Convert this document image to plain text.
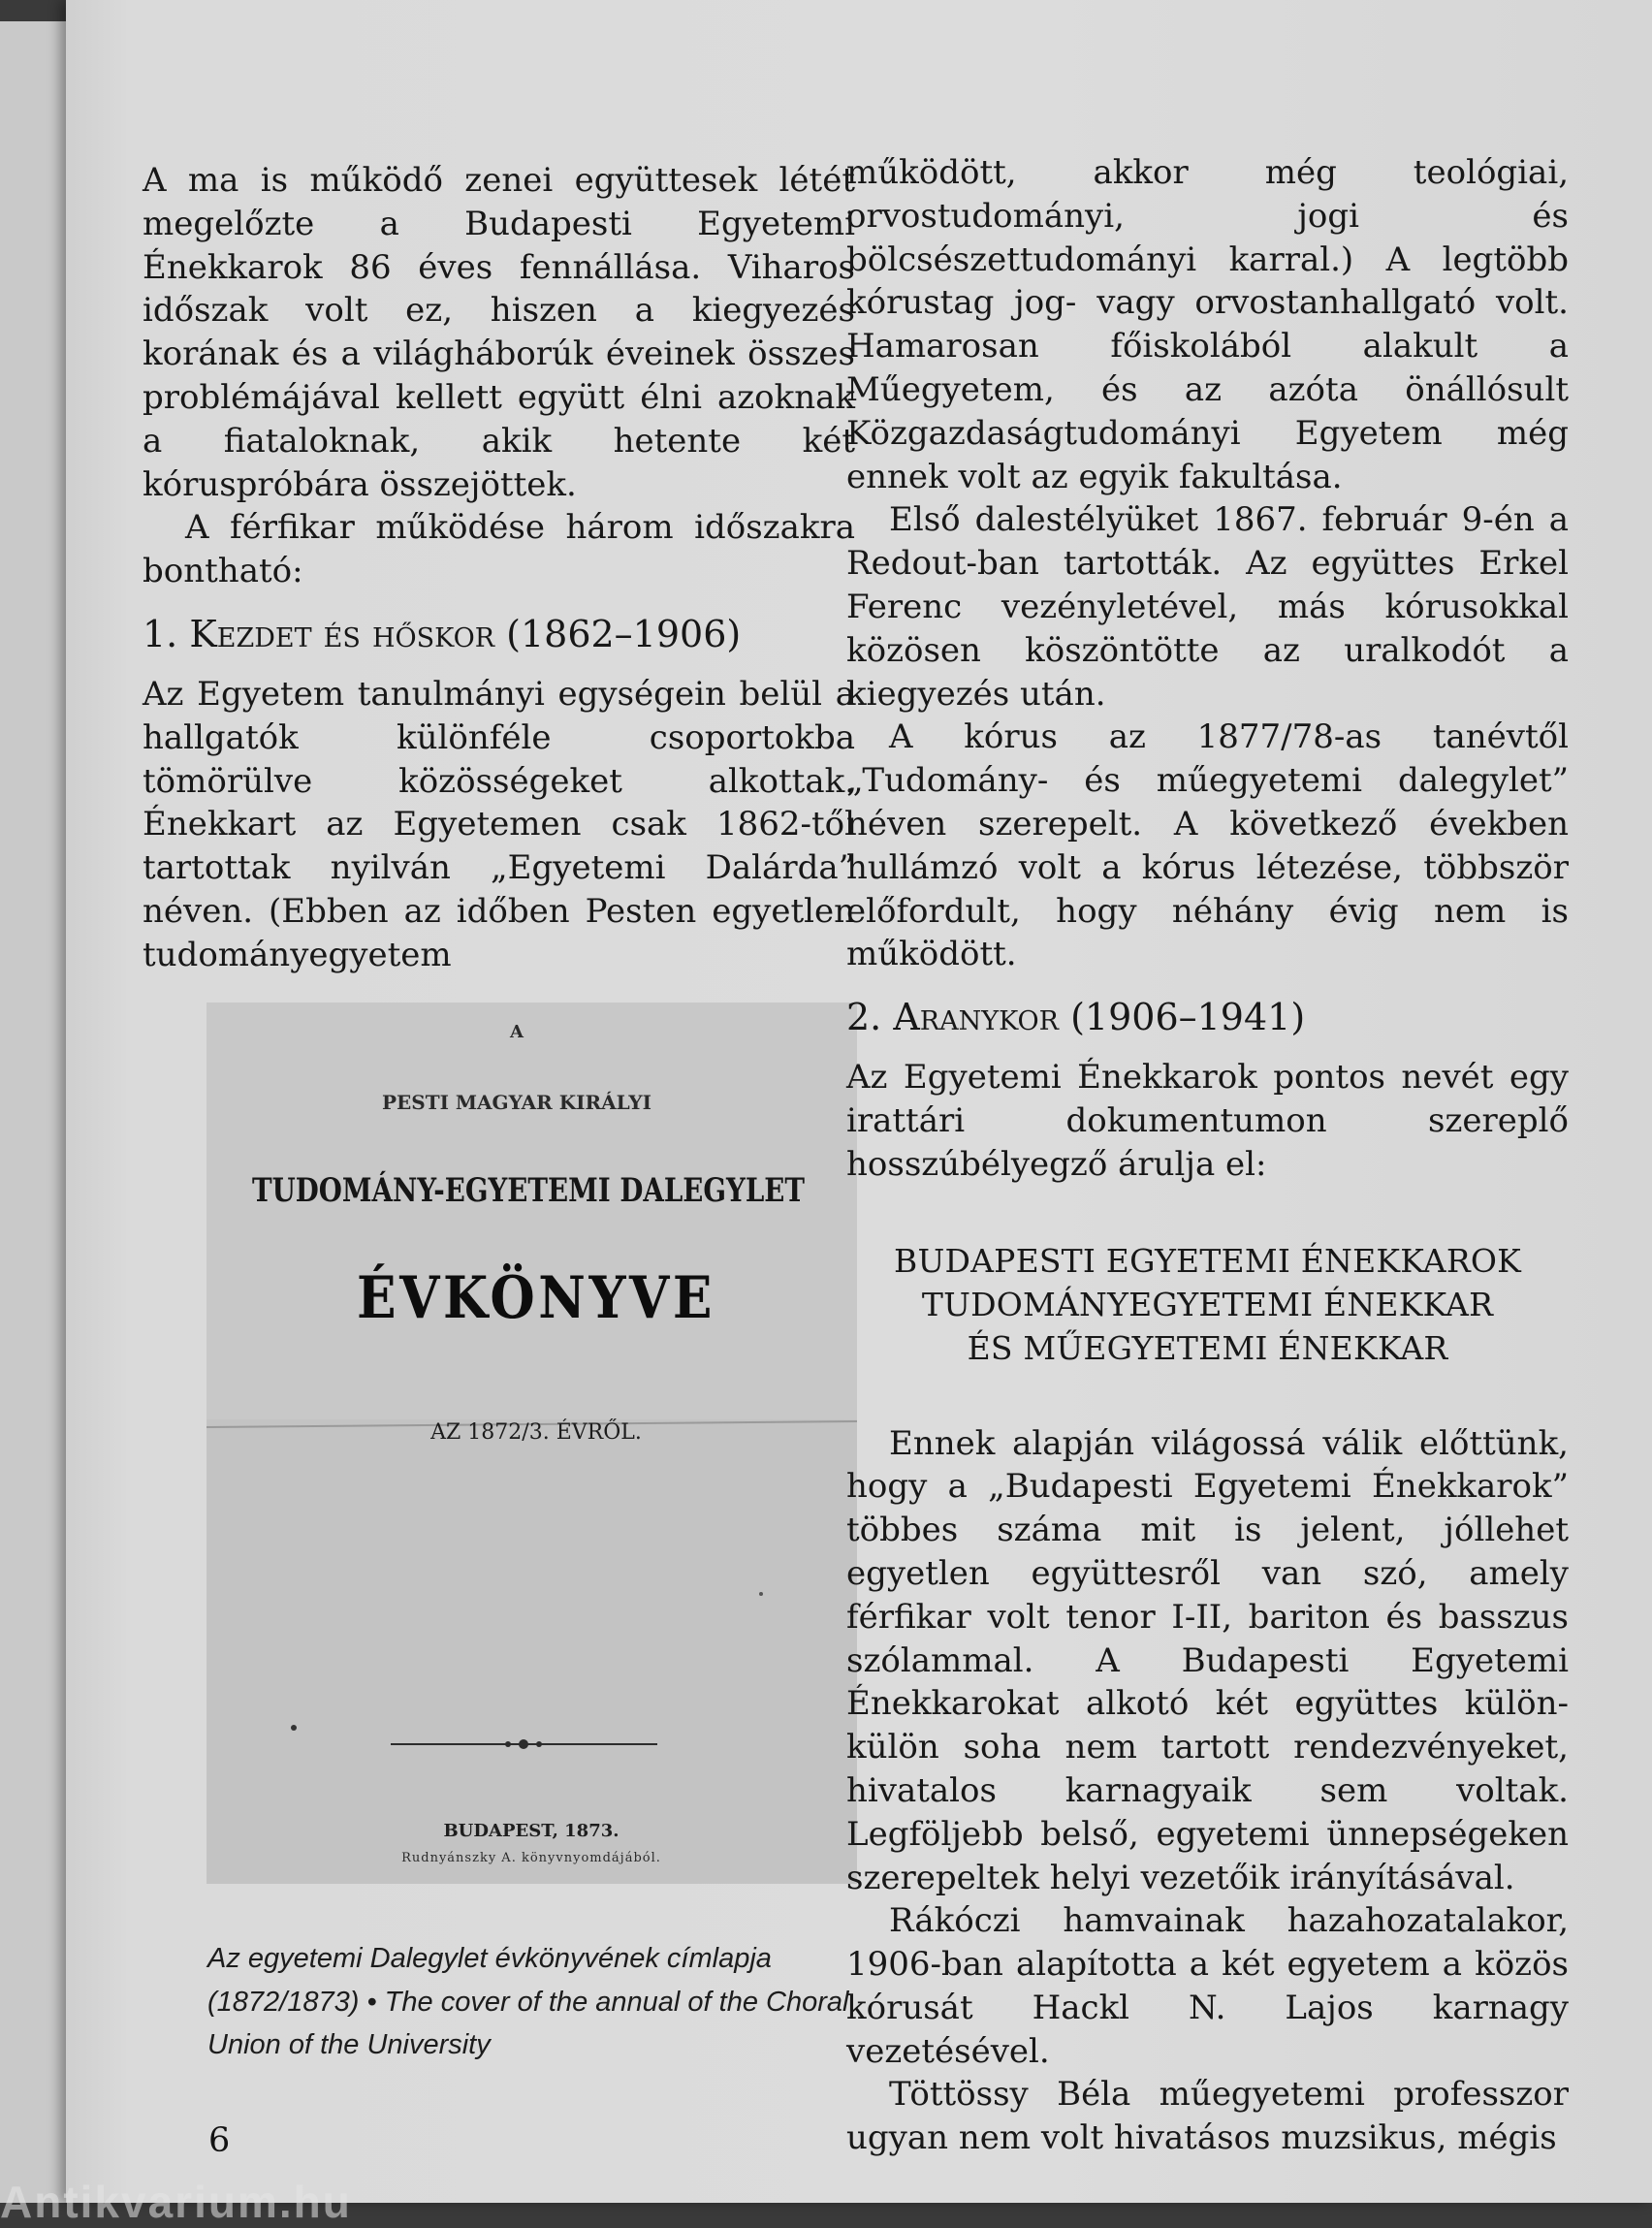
A ma is működő zenei együttesek létét megelőzte a Budapesti Egyetemi Énekkarok 86 éves fennállása. Viharos időszak volt ez, hiszen a kiegyezés korának és a világháborúk éveinek összes problémájával kellett együtt élni azoknak a fiataloknak, akik hetente két kóruspróbára összejöttek.

A férfikar működése három időszakra bontható:

1. Kezdet és hőskor (1862–1906)

Az Egyetem tanulmányi egységein belül a hallgatók különféle csoportokba tömörülve közösségeket alkottak. Énekkart az Egyetemen csak 1862-től tartottak nyilván „Egyetemi Dalárda” néven. (Ebben az időben Pesten egyetlen tudományegyetem

A
PESTI MAGYAR KIRÁLYI
TUDOMÁNY-EGYETEMI DALEGYLET
ÉVKÖNYVE
AZ 1872/3. ÉVRŐL.
BUDAPEST, 1873.
Rudnyánszky A. könyvnyomdájából.
Az egyetemi Dalegylet évkönyvének címlapja (1872/1873) • The cover of the annual of the Choral Union of the University

működött, akkor még teológiai, orvostudományi, jogi és bölcsészettudományi karral.) A legtöbb kórustag jog- vagy orvostanhallgató volt. Hamarosan főiskolából alakult a Műegyetem, és az azóta önállósult Közgazdaságtudományi Egyetem még ennek volt az egyik fakultása.

Első dalestélyüket 1867. február 9-én a Redout-ban tartották. Az együttes Erkel Ferenc vezényletével, más kórusokkal közösen köszöntötte az uralkodót a kiegyezés után.

A kórus az 1877/78-as tanévtől „Tudomány- és műegyetemi dalegylet” néven szerepelt. A következő években hullámzó volt a kórus létezése, többször előfordult, hogy néhány évig nem is működött.

2. Aranykor (1906–1941)

Az Egyetemi Énekkarok pontos nevét egy irattári dokumentumon szereplő hosszúbélyegző árulja el:

BUDAPESTI EGYETEMI ÉNEKKAROK
TUDOMÁNYEGYETEMI ÉNEKKAR
ÉS MŰEGYETEMI ÉNEKKAR

Ennek alapján világossá válik előttünk, hogy a „Budapesti Egyetemi Énekkarok” többes száma mit is jelent, jóllehet egyetlen együttesről van szó, amely férfikar volt tenor I-II, bariton és basszus szólammal. A Budapesti Egyetemi Énekkarokat alkotó két együttes külön-külön soha nem tartott rendezvényeket, hivatalos karnagyaik sem voltak. Legföljebb belső, egyetemi ünnepségeken szerepeltek helyi vezetőik irányításával.

Rákóczi hamvainak hazahozatalakor, 1906-ban alapította a két egyetem a közös kórusát Hackl N. Lajos karnagy vezetésével.

Töttössy Béla műegyetemi professzor ugyan nem volt hivatásos muzsikus, mégis

6
Antikvarium.hu
